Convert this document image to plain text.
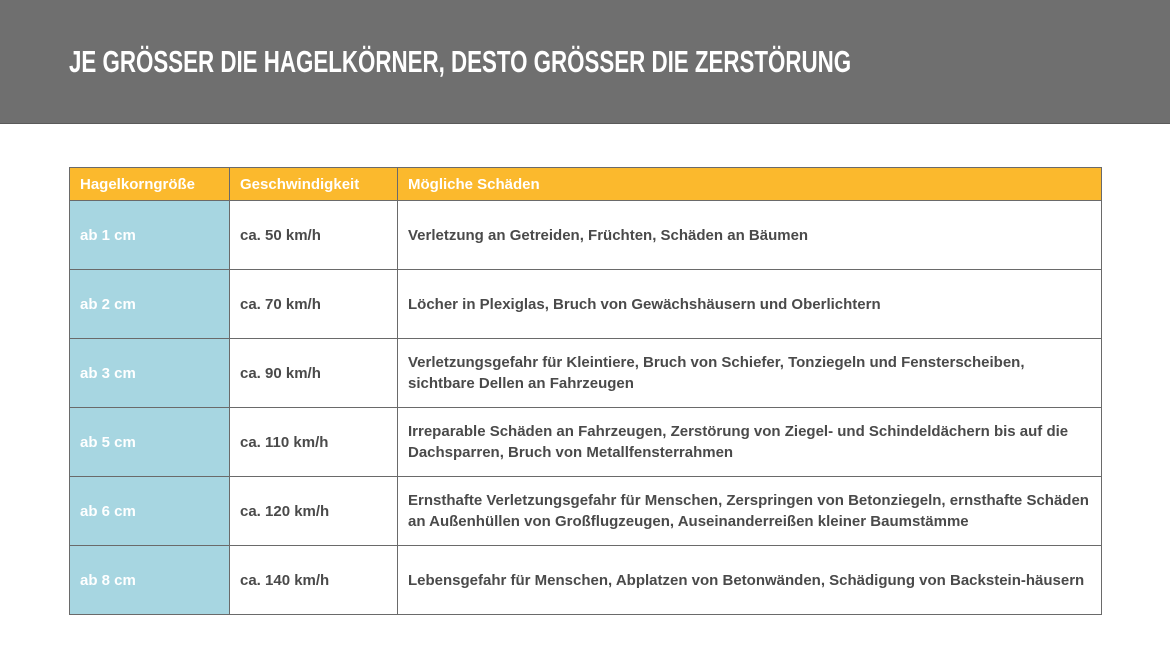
JE GRÖSSER DIE HAGELKÖRNER, DESTO GRÖSSER DIE ZERSTÖRUNG
Hagelkorngröße	Geschwindigkeit	Mögliche Schäden
ab 1 cm	ca. 50 km/h	Verletzung an Getreiden, Früchten, Schäden an Bäumen
ab 2 cm	ca. 70 km/h	Löcher in Plexiglas, Bruch von Gewächshäusern und Oberlichtern
ab 3 cm	ca. 90 km/h	Verletzungsgefahr für Kleintiere, Bruch von Schiefer, Tonziegeln und Fensterscheiben, sichtbare Dellen an Fahrzeugen
ab 5 cm	ca. 110 km/h	Irreparable Schäden an Fahrzeugen, Zerstörung von Ziegel- und Schindeldächern bis auf die Dachsparren, Bruch von Metallfensterrahmen
ab 6 cm	ca. 120 km/h	Ernsthafte Verletzungsgefahr für Menschen, Zerspringen von Betonziegeln, ernsthafte Schäden an Außenhüllen von Großflugzeugen, Auseinanderreißen kleiner Baumstämme
ab 8 cm	ca. 140 km/h	Lebensgefahr für Menschen, Abplatzen von Betonwänden, Schädigung von Backstein-häusern
